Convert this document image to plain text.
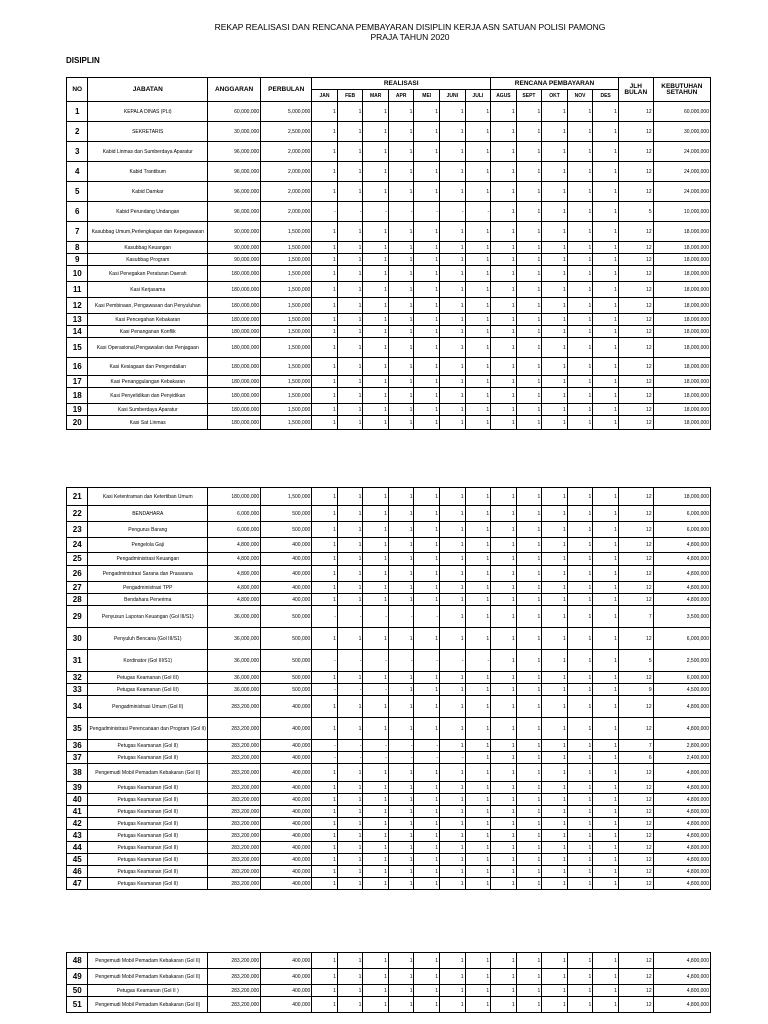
REKAP REALISASI DAN RENCANA PEMBAYARAN DISIPLIN KERJA ASN SATUAN POLISI PAMONG PRAJA TAHUN 2020
DISIPLIN
NO	JABATAN	ANGGARAN	PERBULAN	REALISASI							RENCANA PEMBAYARAN					JLH BULAN	KEBUTUHAN SETAHUN
				JAN	FEB	MAR	APR	MEI	JUNI	JULI	AGUS	SEPT	OKT	NOV	DES		
1	KEPALA DINAS (PLt)	60,000,000	5,000,000	1	1	1	1	1	1	1	1	1	1	1	1	12	60,000,000
2	SEKRETARIS	30,000,000	2,500,000	1	1	1	1	1	1	1	1	1	1	1	1	12	30,000,000
3	Kabid Linmas dan Sumberdaya Aparatur	96,000,000	2,000,000	1	1	1	1	1	1	1	1	1	1	1	1	12	24,000,000
4	Kabid Trantibum	96,000,000	2,000,000	1	1	1	1	1	1	1	1	1	1	1	1	12	24,000,000
5	Kabid Damkar	96,000,000	2,000,000	1	1	1	1	1	1	1	1	1	1	1	1	12	24,000,000
6	Kabid Perundang Undangan	96,000,000	2,000,000	-	-	-	-	-	-	-	1	1	1	1	1	5	10,000,000
7	Kasubbag Umum,Perlengkapan dan Kepegawaian	90,000,000	1,500,000	1	1	1	1	1	1	1	1	1	1	1	1	12	18,000,000
8	Kasubbag Keuangan	90,000,000	1,500,000	1	1	1	1	1	1	1	1	1	1	1	1	12	18,000,000
9	Kasubbag Program	90,000,000	1,500,000	1	1	1	1	1	1	1	1	1	1	1	1	12	18,000,000
10	Kasi Penegakan Peraturan Daerah	180,000,000	1,500,000	1	1	1	1	1	1	1	1	1	1	1	1	12	18,000,000
11	Kasi Kerjasama	180,000,000	1,500,000	1	1	1	1	1	1	1	1	1	1	1	1	12	18,000,000
12	Kasi Pembinaan, Pengawasan dan Penyuluhan	180,000,000	1,500,000	1	1	1	1	1	1	1	1	1	1	1	1	12	18,000,000
13	Kasi Pencegahan Kebakaran	180,000,000	1,500,000	1	1	1	1	1	1	1	1	1	1	1	1	12	18,000,000
14	Kasi Penanganan Konflik	180,000,000	1,500,000	1	1	1	1	1	1	1	1	1	1	1	1	12	18,000,000
15	Kasi Operasional,Pengawalan dan Penjagaan	180,000,000	1,500,000	1	1	1	1	1	1	1	1	1	1	1	1	12	18,000,000
16	Kasi Kesiagaan dan Pengendalian	180,000,000	1,500,000	1	1	1	1	1	1	1	1	1	1	1	1	12	18,000,000
17	Kasi Penanggulangan Kebakaran	180,000,000	1,500,000	1	1	1	1	1	1	1	1	1	1	1	1	12	18,000,000
18	Kasi Penyelidikan dan Penyidikan	180,000,000	1,500,000	1	1	1	1	1	1	1	1	1	1	1	1	12	18,000,000
19	Kasi Sumberdaya Aparatur	180,000,000	1,500,000	1	1	1	1	1	1	1	1	1	1	1	1	12	18,000,000
20	Kasi Sat Linmas	180,000,000	1,500,000	1	1	1	1	1	1	1	1	1	1	1	1	12	18,000,000
21	Kasi Ketentraman dan Ketertiban Umum	180,000,000	1,500,000	1	1	1	1	1	1	1	1	1	1	1	1	12	18,000,000
22	BENDAHARA	6,000,000	500,000	1	1	1	1	1	1	1	1	1	1	1	1	12	6,000,000
23	Pengurus Barang	6,000,000	500,000	1	1	1	1	1	1	1	1	1	1	1	1	12	6,000,000
24	Pengelola Gaji	4,800,000	400,000	1	1	1	1	1	1	1	1	1	1	1	1	12	4,800,000
25	Pengadministrasi Keuangan	4,800,000	400,000	1	1	1	1	1	1	1	1	1	1	1	1	12	4,800,000
26	Pengadministrasi Sarana dan Prasarana	4,800,000	400,000	1	1	1	1	1	1	1	1	1	1	1	1	12	4,800,000
27	Pengadministrasi TPP	4,800,000	400,000	1	1	1	1	1	1	1	1	1	1	1	1	12	4,800,000
28	Bendahara Penerima	4,800,000	400,000	1	1	1	1	1	1	1	1	1	1	1	1	12	4,800,000
29	Penyusun Laporan Keuangan (Gol III/S1)	36,000,000	500,000	-	-	-	-	-	1	1	1	1	1	1	1	7	3,500,000
30	Penyuluh Bencana (Gol III/S1)	36,000,000	500,000	1	1	1	1	1	1	1	1	1	1	1	1	12	6,000,000
31	Kordinator (Gol III/S1)	36,000,000	500,000	-	-	-	-	-	-	-	1	1	1	1	1	5	2,500,000
32	Petugas Keamanan (Gol III)	36,000,000	500,000	1	1	1	1	1	1	1	1	1	1	1	1	12	6,000,000
33	Petugas Keamanan (Gol III)	36,000,000	500,000	-	-	-	1	1	1	1	1	1	1	1	1	9	4,500,000
34	Pengadministrasi Umum (Gol II)	283,200,000	400,000	1	1	1	1	1	1	1	1	1	1	1	1	12	4,800,000
35	Pengadministrasi Perencanaan dan Program (Gol II)	283,200,000	400,000	1	1	1	1	1	1	1	1	1	1	1	1	12	4,800,000
36	Petugas Keamanan (Gol II)	283,200,000	400,000	-	-	-	-	-	1	1	1	1	1	1	1	7	2,800,000
37	Petugas Keamanan (Gol II)	283,200,000	400,000	-	-	-	-	-	-	1	1	1	1	1	1	6	2,400,000
38	Pengemudi Mobil Pemadam Kebakaran (Gol II)	283,200,000	400,000	1	1	1	1	1	1	1	1	1	1	1	1	12	4,800,000
39	Petugas Keamanan (Gol II)	283,200,000	400,000	1	1	1	1	1	1	1	1	1	1	1	1	12	4,800,000
40	Petugas Keamanan (Gol II)	283,200,000	400,000	1	1	1	1	1	1	1	1	1	1	1	1	12	4,800,000
41	Petugas Keamanan (Gol II)	283,200,000	400,000	1	1	1	1	1	1	1	1	1	1	1	1	12	4,800,000
42	Petugas Keamanan (Gol II)	283,200,000	400,000	1	1	1	1	1	1	1	1	1	1	1	1	12	4,800,000
43	Petugas Keamanan (Gol II)	283,200,000	400,000	1	1	1	1	1	1	1	1	1	1	1	1	12	4,800,000
44	Petugas Keamanan (Gol II)	283,200,000	400,000	1	1	1	1	1	1	1	1	1	1	1	1	12	4,800,000
45	Petugas Keamanan (Gol II)	283,200,000	400,000	1	1	1	1	1	1	1	1	1	1	1	1	12	4,800,000
46	Petugas Keamanan (Gol II)	283,200,000	400,000	1	1	1	1	1	1	1	1	1	1	1	1	12	4,800,000
47	Petugas Keamanan (Gol II)	283,200,000	400,000	1	1	1	1	1	1	1	1	1	1	1	1	12	4,800,000
48	Pengemudi Mobil Pemadam Kebakaran (Gol II)	283,200,000	400,000	1	1	1	1	1	1	1	1	1	1	1	1	12	4,800,000
49	Pengemudi Mobil Pemadam Kebakaran (Gol II)	283,200,000	400,000	1	1	1	1	1	1	1	1	1	1	1	1	12	4,800,000
50	Petugas Keamanan (Gol II )	283,200,000	400,000	1	1	1	1	1	1	1	1	1	1	1	1	12	4,800,000
51	Pengemudi Mobil Pemadam Kebakaran (Gol II)	283,200,000	400,000	1	1	1	1	1	1	1	1	1	1	1	1	12	4,800,000
